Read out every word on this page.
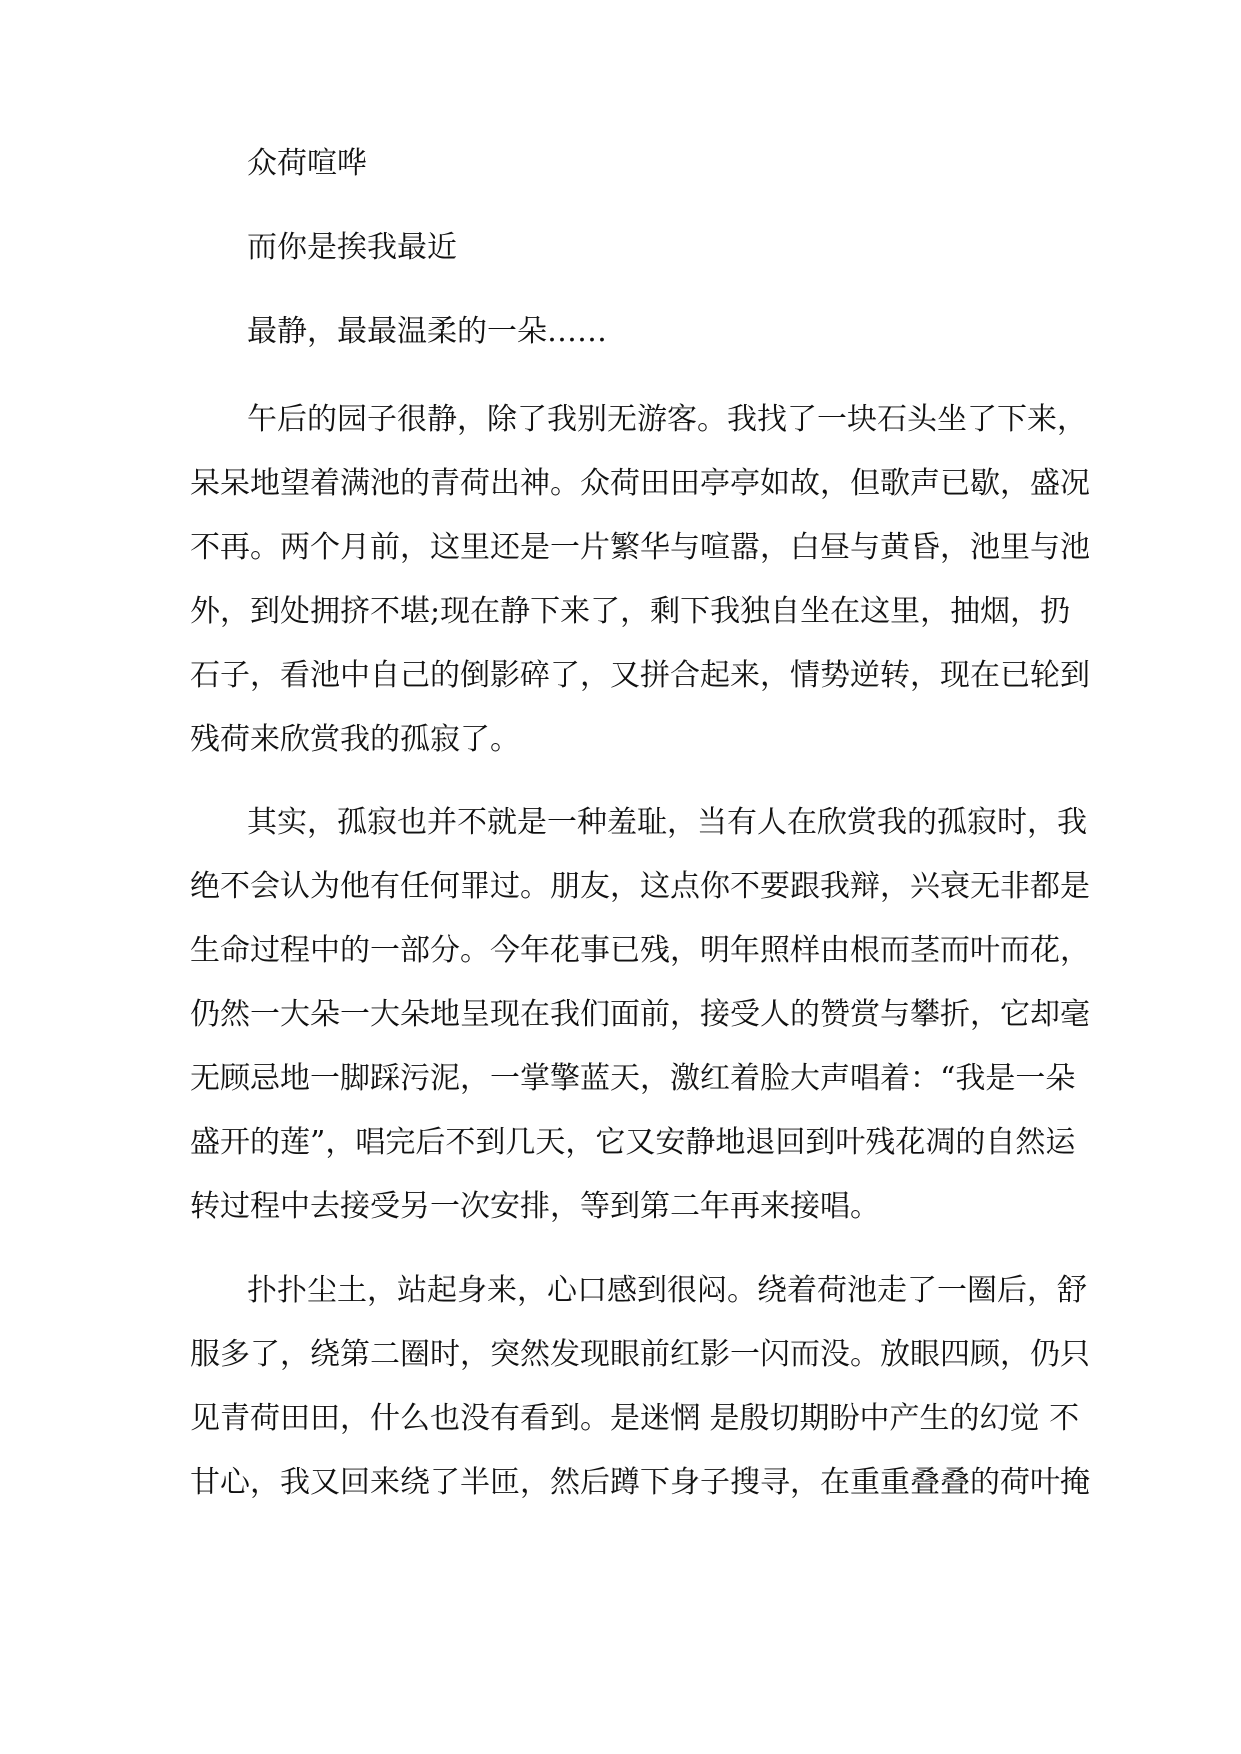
众荷喧哗
而你是挨我最近
最静，最最温柔的一朵……
午后的园子很静，除了我别无游客。我找了一块石头坐了下来，
呆呆地望着满池的青荷出神。众荷田田亭亭如故，但歌声已歇，盛况
不再。两个月前，这里还是一片繁华与喧嚣，白昼与黄昏，池里与池
外，到处拥挤不堪;现在静下来了，剩下我独自坐在这里，抽烟，扔
石子，看池中自己的倒影碎了，又拼合起来，情势逆转，现在已轮到
残荷来欣赏我的孤寂了。
其实，孤寂也并不就是一种羞耻，当有人在欣赏我的孤寂时，我
绝不会认为他有任何罪过。朋友，这点你不要跟我辩，兴衰无非都是
生命过程中的一部分。今年花事已残，明年照样由根而茎而叶而花，
仍然一大朵一大朵地呈现在我们面前，接受人的赞赏与攀折，它却毫
无顾忌地一脚踩污泥，一掌擎蓝天，激红着脸大声唱着：“我是一朵
盛开的莲”，唱完后不到几天，它又安静地退回到叶残花凋的自然运
转过程中去接受另一次安排，等到第二年再来接唱。
扑扑尘土，站起身来，心口感到很闷。绕着荷池走了一圈后，舒
服多了，绕第二圈时，突然发现眼前红影一闪而没。放眼四顾，仍只
见青荷田田，什么也没有看到。是迷惘 是殷切期盼中产生的幻觉 不
甘心，我又回来绕了半匝，然后蹲下身子搜寻，在重重叠叠的荷叶掩
